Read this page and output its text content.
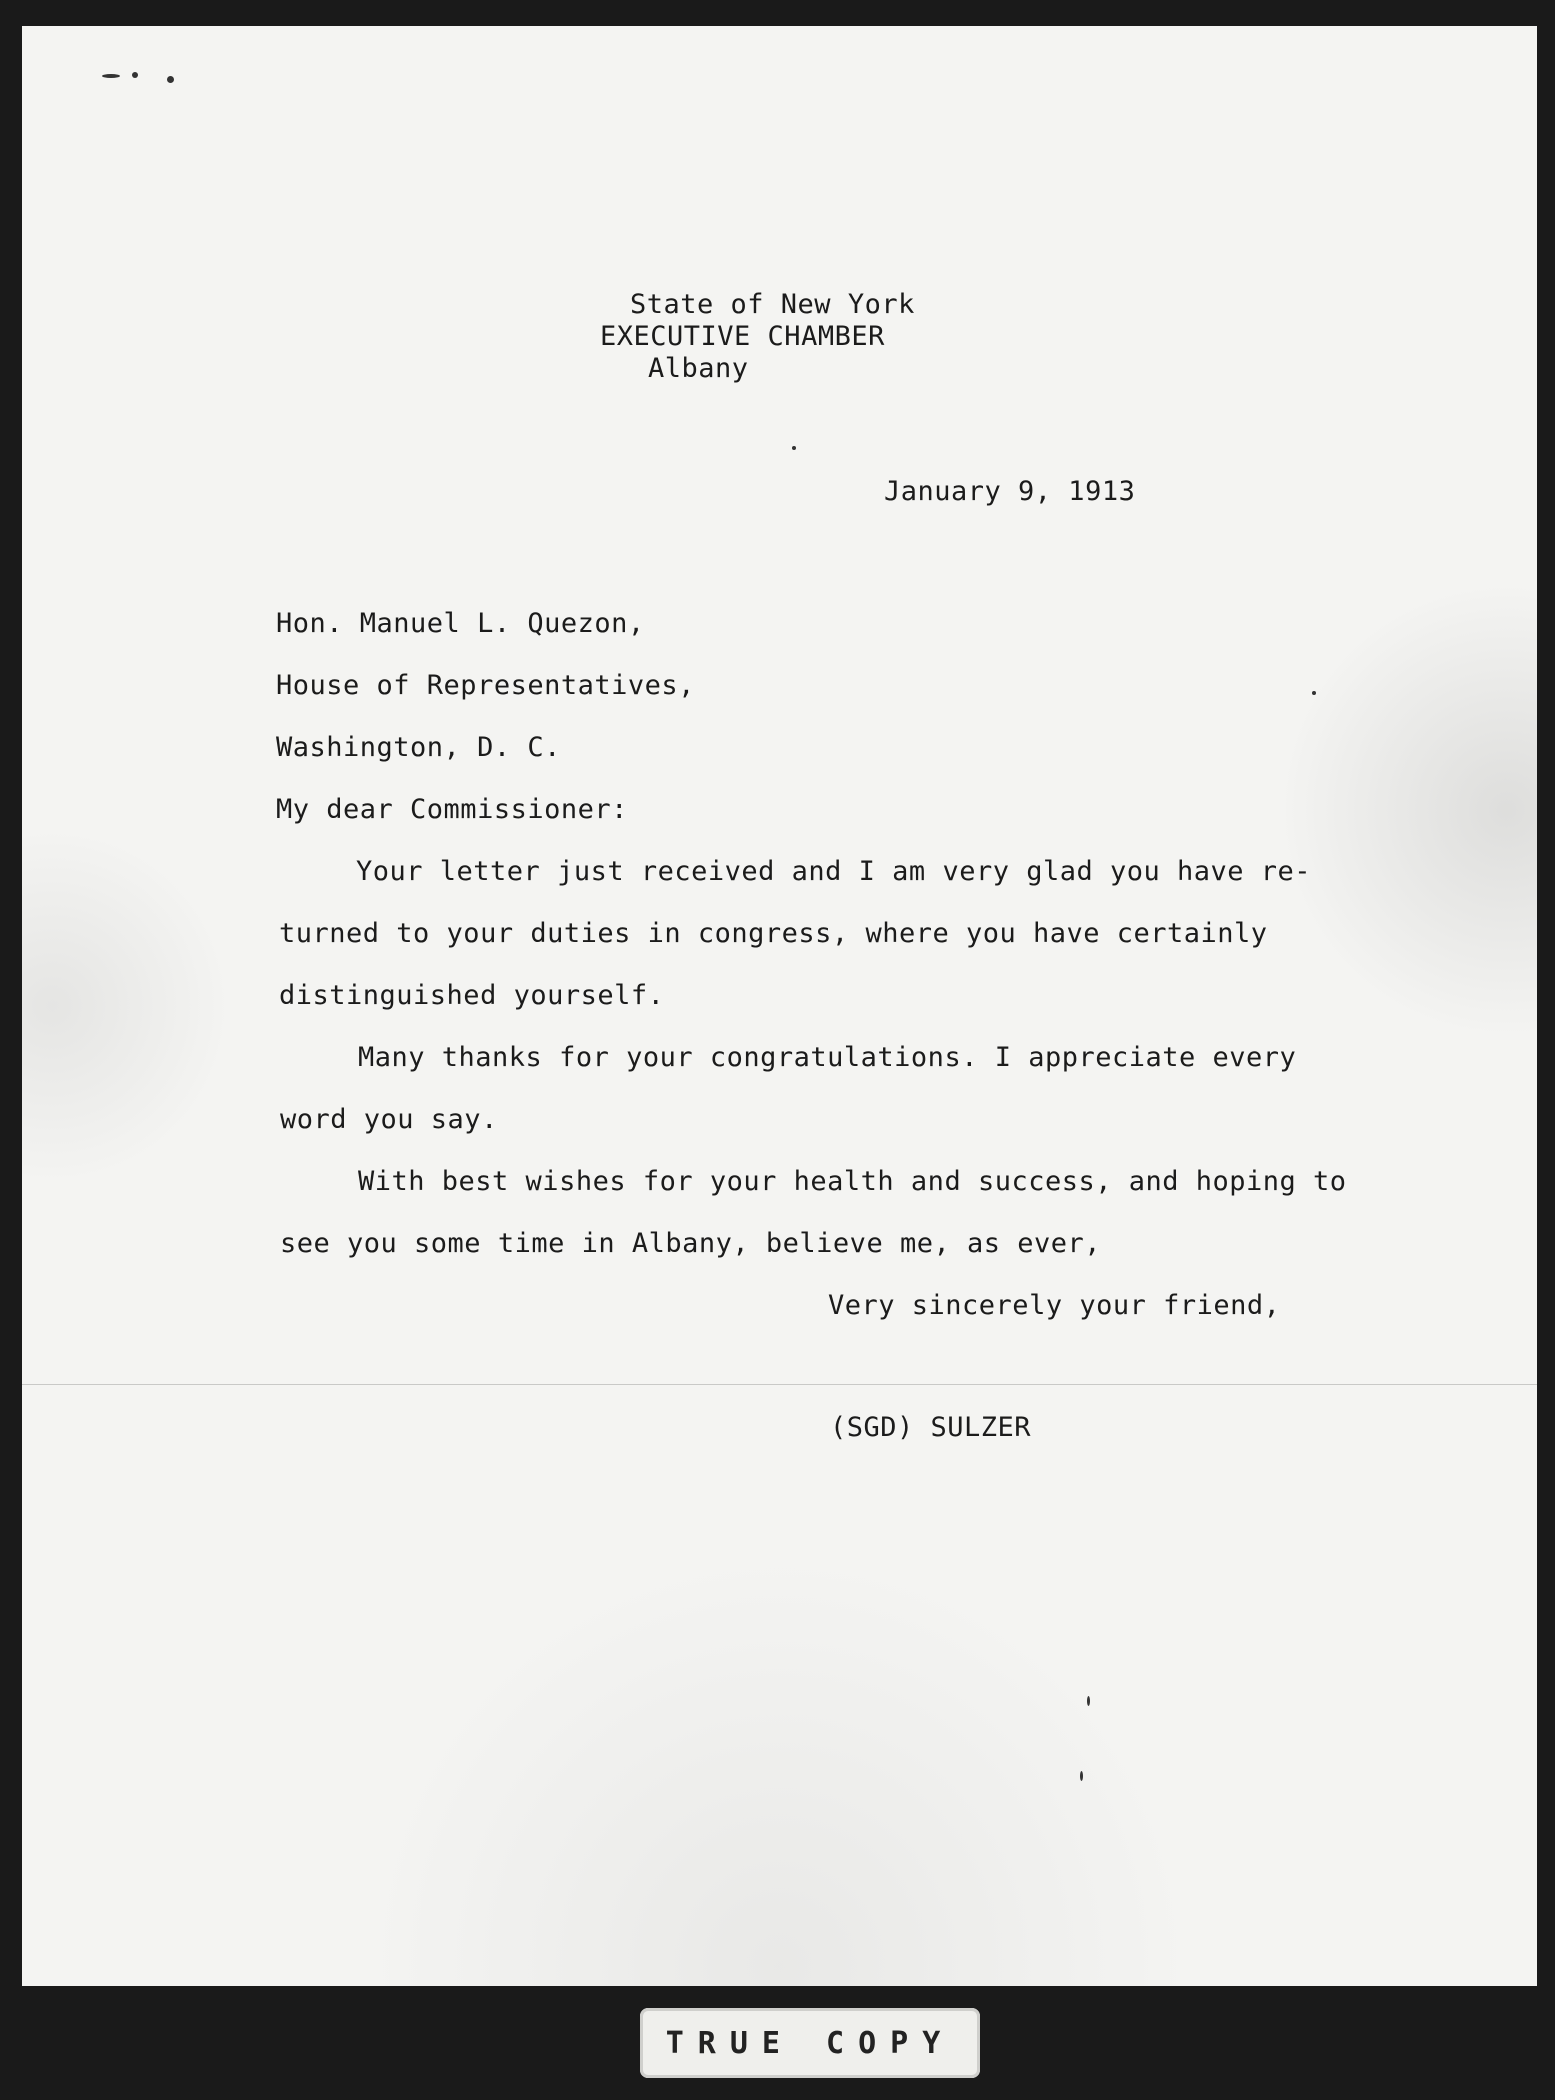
State of New York

EXECUTIVE CHAMBER

Albany

January 9, 1913

Hon. Manuel L. Quezon,

House of Representatives,

Washington, D. C.

My dear Commissioner:

Your letter just received and I am very glad you have re-

turned to your duties in congress, where you have certainly

distinguished yourself.

Many thanks for your congratulations. I appreciate every

word you say.

With best wishes for your health and success, and hoping to

see you some time in Albany, believe me, as ever,

Very sincerely your friend,

(SGD) SULZER

TRUE COPY
